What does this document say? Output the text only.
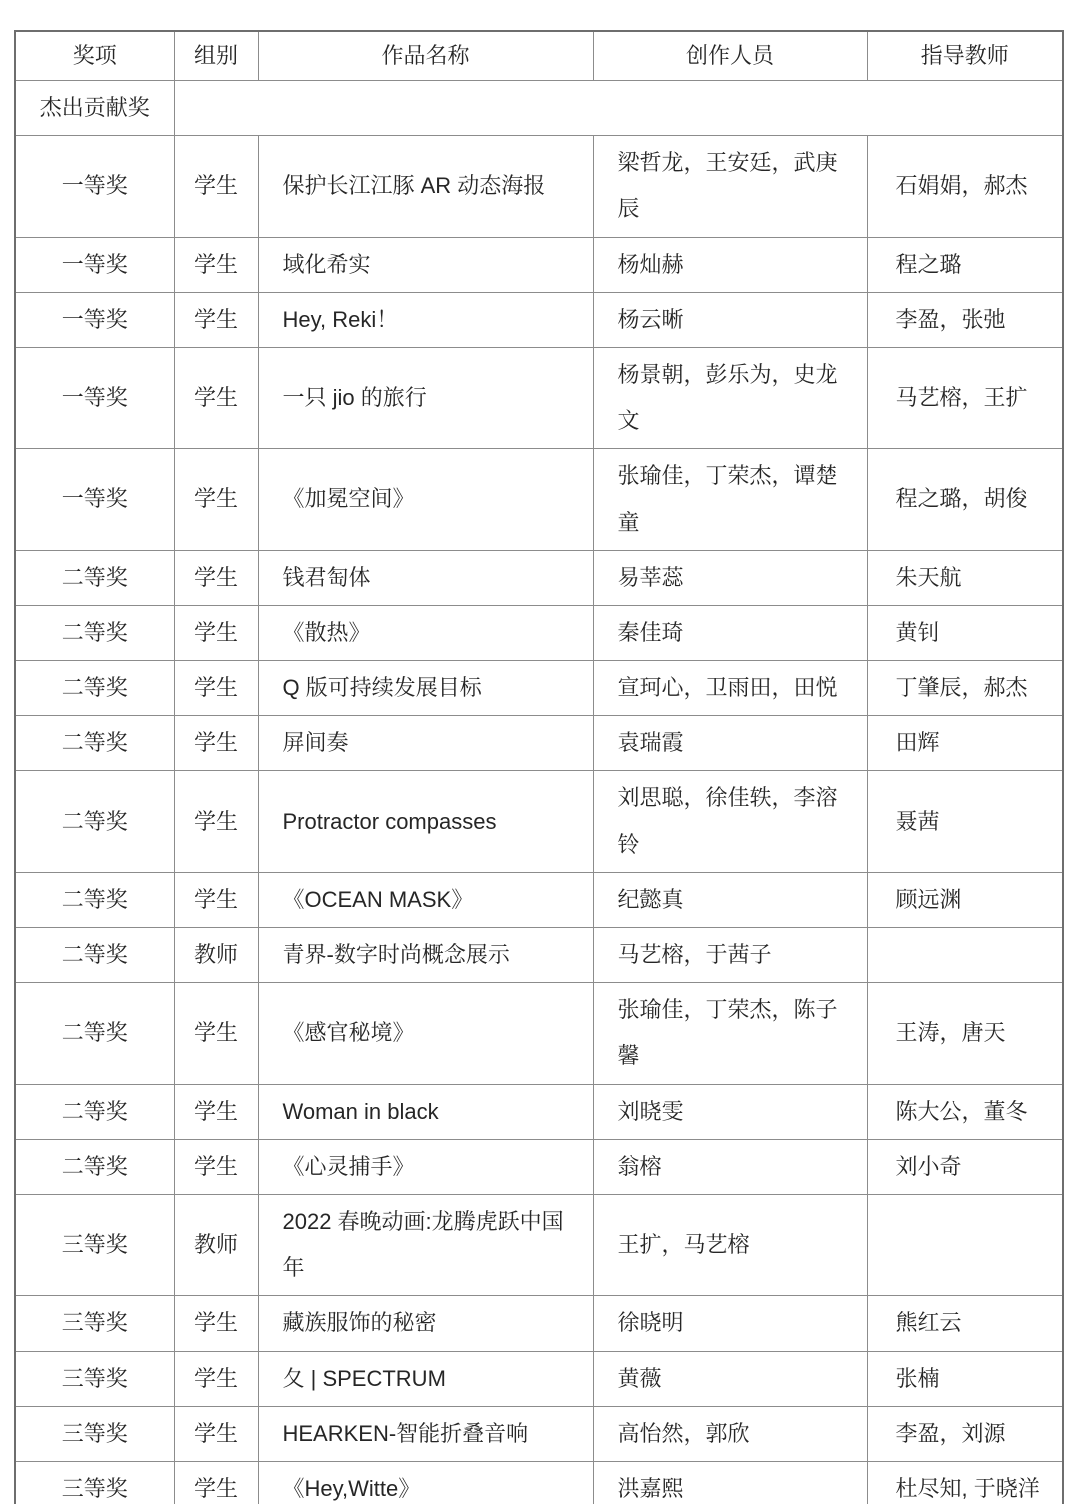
奖项	组别	作品名称	创作人员	指导教师
杰出贡献奖				
一等奖	学生	保护长江江豚 AR 动态海报	梁哲龙，王安廷，武庚辰	石娟娟，郝杰
一等奖	学生	域化希实	杨灿赫	程之璐
一等奖	学生	Hey, Reki！	杨云晰	李盈，张弛
一等奖	学生	一只 jio 的旅行	杨景朝，彭乐为，史龙文	马艺榕，王扩
一等奖	学生	《加冕空间》	张瑜佳，丁荣杰，谭楚童	程之璐，胡俊
二等奖	学生	钱君匋体	易莘蕊	朱天航
二等奖	学生	《散热》	秦佳琦	黄钊
二等奖	学生	Q 版可持续发展目标	宣珂心，卫雨田，田悦	丁肇辰，郝杰
二等奖	学生	屏间奏	袁瑞霞	田辉
二等奖	学生	Protractor compasses	刘思聪，徐佳轶，李溶铃	聂茜
二等奖	学生	《OCEAN MASK》	纪懿真	顾远渊
二等奖	教师	青界-数字时尚概念展示	马艺榕，于茜子	
二等奖	学生	《感官秘境》	张瑜佳，丁荣杰，陈子馨	王涛，唐天
二等奖	学生	Woman in black	刘晓雯	陈大公，董冬
二等奖	学生	《心灵捕手》	翁榕	刘小奇
三等奖	教师	2022 春晚动画:龙腾虎跃中国年	王扩，马艺榕	
三等奖	学生	藏族服饰的秘密	徐晓明	熊红云
三等奖	学生	夂 | SPECTRUM	黄薇	张楠
三等奖	学生	HEARKEN-智能折叠音响	高怡然，郭欣	李盈，刘源
三等奖	学生	《Hey,Witte》	洪嘉熙	杜尽知, 于晓洋
